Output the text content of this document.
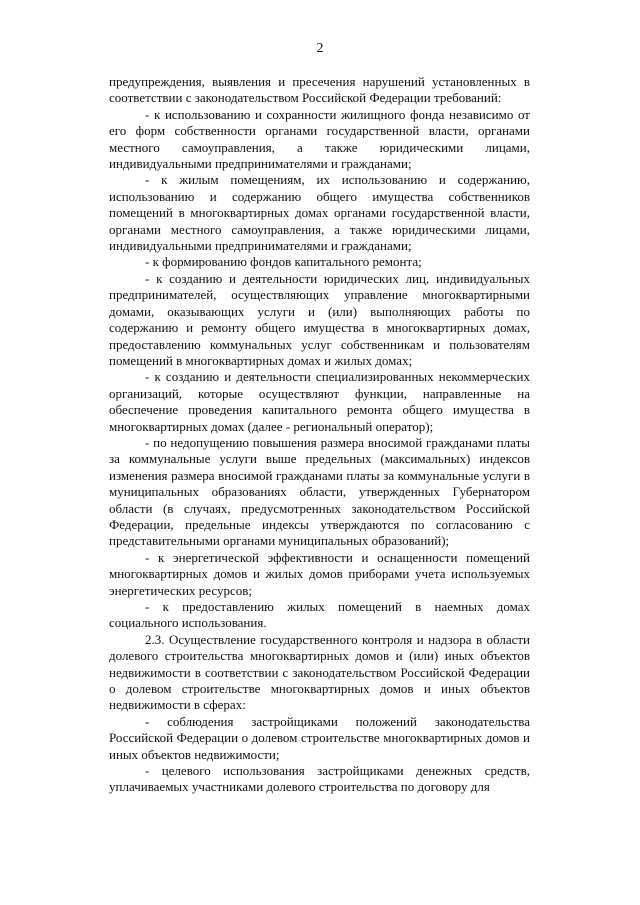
2

предупреждения, выявления и пресечения нарушений установленных в соответствии с законодательством Российской Федерации требований:

- к использованию и сохранности жилищного фонда независимо от его форм собственности органами государственной власти, органами местного самоуправления, а также юридическими лицами, индивидуальными предпринимателями и гражданами;

- к жилым помещениям, их использованию и содержанию, использованию и содержанию общего имущества собственников помещений в многоквартирных домах органами государственной власти, органами местного самоуправления, а также юридическими лицами, индивидуальными предпринимателями и гражданами;

- к формированию фондов капитального ремонта;

- к созданию и деятельности юридических лиц, индивидуальных предпринимателей, осуществляющих управление многоквартирными домами, оказывающих услуги и (или) выполняющих работы по содержанию и ремонту общего имущества в многоквартирных домах, предоставлению коммунальных услуг собственникам и пользователям помещений в многоквартирных домах и жилых домах;

- к созданию и деятельности специализированных некоммерческих организаций, которые осуществляют функции, направленные на обеспечение проведения капитального ремонта общего имущества в многоквартирных домах (далее - региональный оператор);

- по недопущению повышения размера вносимой гражданами платы за коммунальные услуги выше предельных (максимальных) индексов изменения размера вносимой гражданами платы за коммунальные услуги в муниципальных образованиях области, утвержденных Губернатором области (в случаях, предусмотренных законодательством Российской Федерации, предельные индексы утверждаются по согласованию с представительными органами муниципальных образований);

- к энергетической эффективности и оснащенности помещений многоквартирных домов и жилых домов приборами учета используемых энергетических ресурсов;

- к предоставлению жилых помещений в наемных домах социального использования.

2.3. Осуществление государственного контроля и надзора в области долевого строительства многоквартирных домов и (или) иных объектов недвижимости в соответствии с законодательством Российской Федерации о долевом строительстве многоквартирных домов и иных объектов недвижимости в сферах:

- соблюдения застройщиками положений законодательства Российской Федерации о долевом строительстве многоквартирных домов и иных объектов недвижимости;

- целевого использования застройщиками денежных средств, уплачиваемых участниками долевого строительства по договору для
